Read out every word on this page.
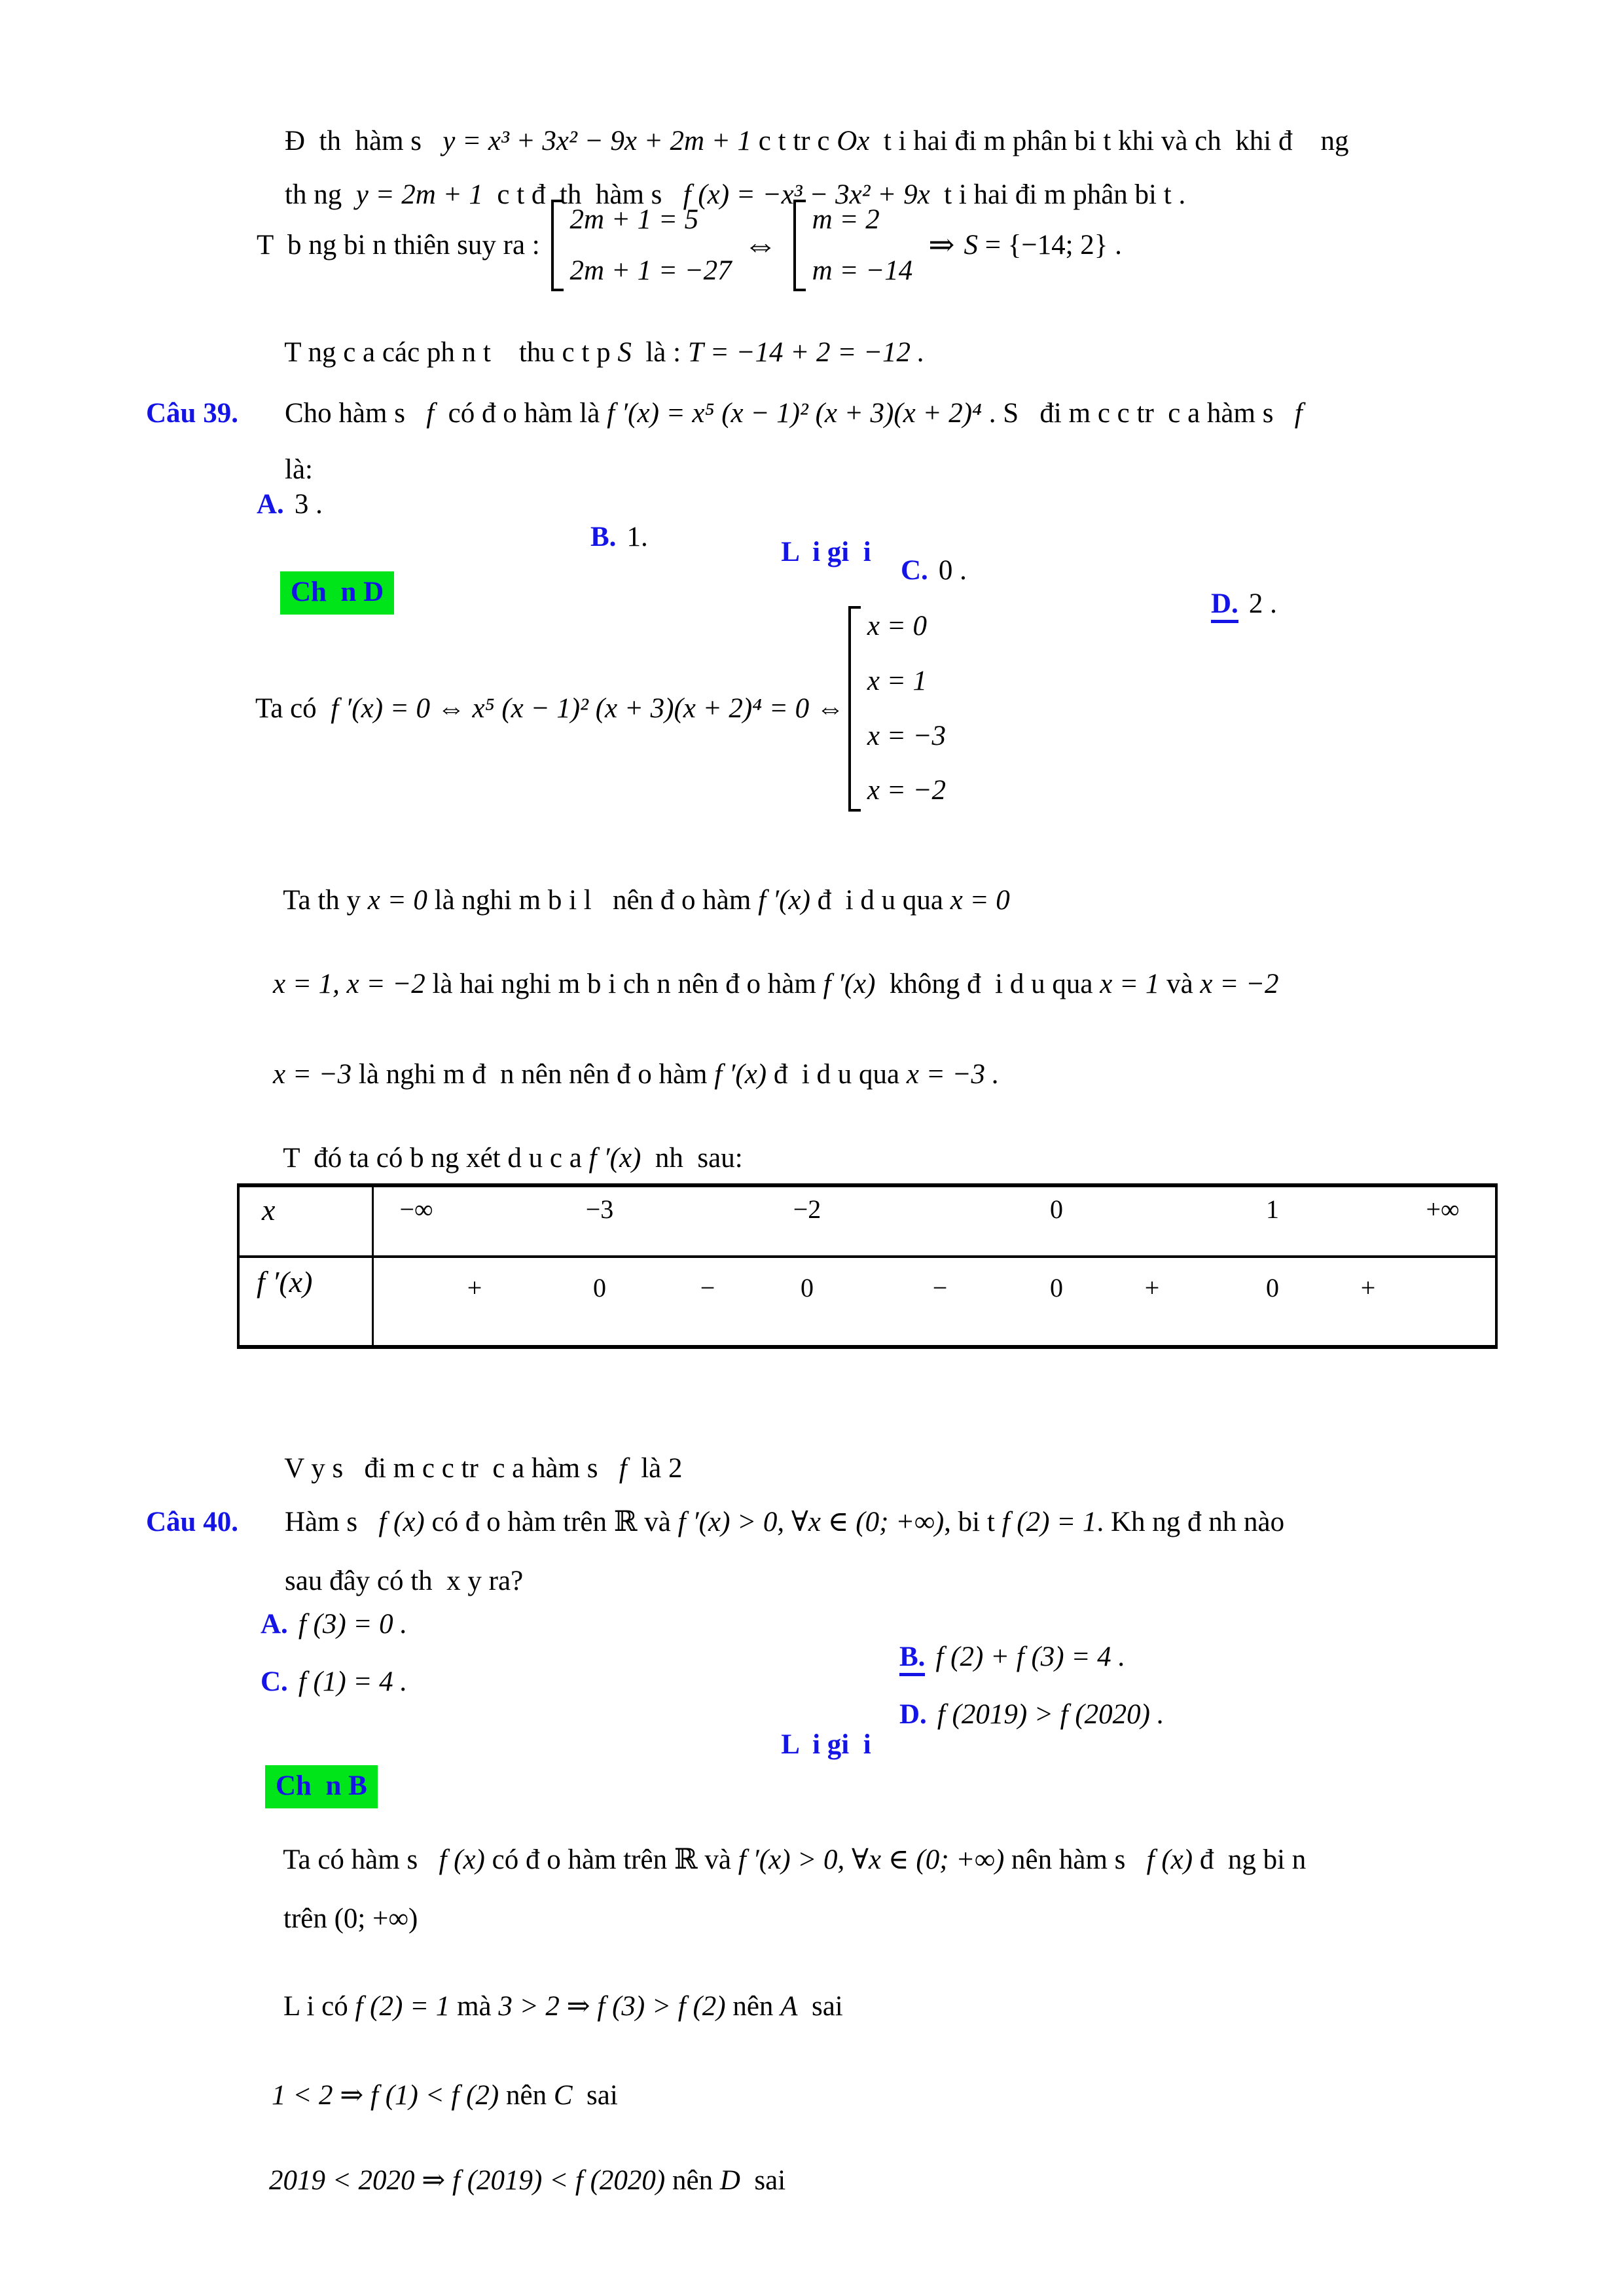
Đ  th  hàm s   y = x³ + 3x² − 9x + 2m + 1 c t tr c Ox  t i hai đi m phân bi t khi và ch  khi đ    ng

th ng  y = 2m + 1  c t đ  th  hàm s   f (x) = −x³ − 3x² + 9x  t i hai đi m phân bi t .

T  b ng bi n thiên suy ra :
2m + 1 = 5
2m + 1 = −27
⇔
m = 2
m = −14
⇒ S = {−14; 2} .

T ng c a các ph n t    thu c t p S  là : T = −14 + 2 = −12 .

Câu 39.
	Cho hàm s   f  có đ o hàm là f ′(x) = x⁵ (x − 1)² (x + 3)(x + 2)⁴ . S   đi m c c tr  c a hàm s   f

là:

A. 3 .

B. 1.

C. 0 .

D. 2 .

L  i gi  i

Ch  n D

Ta có f ′(x) = 0 ⇔ x⁵ (x − 1)² (x + 3)(x + 2)⁴ = 0 ⇔
x = 0
x = 1
x = −3
x = −2

Ta th y x = 0 là nghi m b i l   nên đ o hàm f ′(x) đ  i d u qua x = 0

x = 1, x = −2 là hai nghi m b i ch n nên đ o hàm f ′(x)  không đ  i d u qua x = 1 và x = −2

x = −3 là nghi m đ  n nên nên đ o hàm f ′(x) đ  i d u qua x = −3 .

T  đó ta có b ng xét d u c a f ′(x)  nh  sau:

x	−∞	−3	−2	0	1	+∞
f ′(x)	+	0	−	0	−	0	+	0	+

V y s   đi m c c tr  c a hàm s   f  là 2

Câu 40.
	Hàm s   f (x) có đ o hàm trên ℝ và f ′(x) > 0, ∀x ∈ (0; +∞), bi t f (2) = 1. Kh ng đ nh nào

sau đây có th  x y ra?

A. f (3) = 0 .

B. f (2) + f (3) = 4 .

C. f (1) = 4 .

D. f (2019) > f (2020) .

L  i gi  i

Ch  n B

Ta có hàm s   f (x) có đ o hàm trên ℝ và f ′(x) > 0, ∀x ∈ (0; +∞) nên hàm s   f (x) đ  ng bi n

trên (0; +∞)

L i có f (2) = 1 mà 3 > 2 ⇒ f (3) > f (2) nên A  sai

1 < 2 ⇒ f (1) < f (2) nên C  sai

2019 < 2020 ⇒ f (2019) < f (2020) nên D  sai
